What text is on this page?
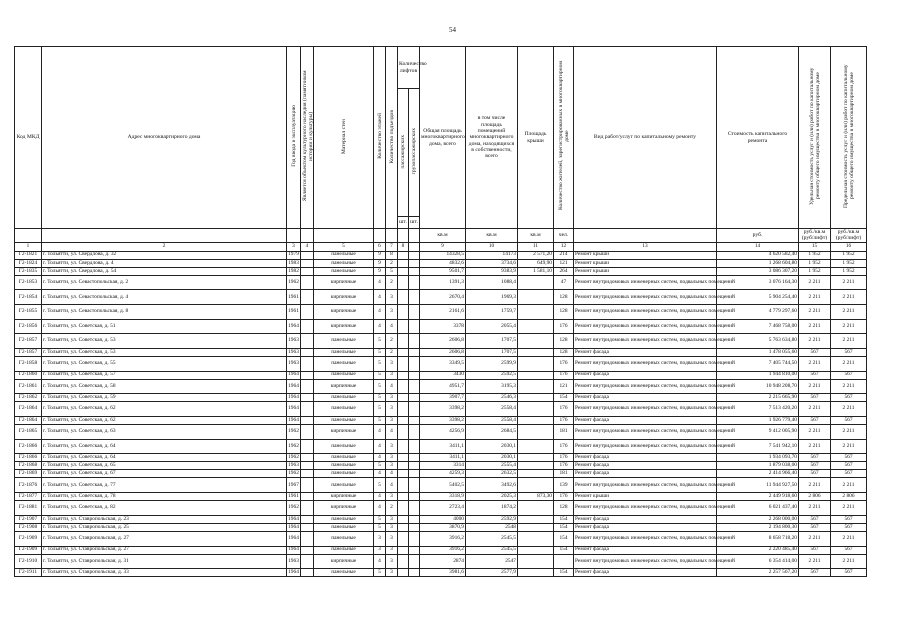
54
Код МКД	Адрес многоквартирного дома	Год ввода в эксплуатацию	Является объектом культурного наследия (памятником истории и культуры)	Материал стен	Количество этажей	Количество подъездов	Количество лифтов		Общая площадь многоквартирного дома, всего	в том числе площадь помещений многоквартирного дома, находящихся в собственности, всего	Площадь крыши	Количество жителей, зарегистрированных в многоквартирном доме	Вид работ/услуг по капитальному ремонту	Стоимость капитального ремонта	Удельная стоимость услуг и (или) работ по капитальному ремонту общего имущества в многоквартирном доме	Предельная стоимость услуг и (или) работ по капитальному ремонту общего имущества в многоквартирном доме
							пассажирских	грузопассажирских								
							шт.	шт.								
									кв.м	кв.м	кв.м	чел.		руб.	руб./кв.м (руб/лифт)	руб./кв.м (руб/лифт)
1	2	3	4	5	6	7	8		9	10	11	12	13	14	15	16
Г2-1821	г. Тольятти, ул. Свердлова, д. 32	1979		панельные	9	8			14328,5	14173	2 571,20	214	Ремонт крыши	4 620 582,40	1 952	1 952
Г2-1824	г. Тольятти, ул. Свердлова, д. 4	1983		панельные	9	2			4832,6	3734,6	649,90	121	Ремонт крыши	1 268 604,80	1 952	1 952
Г2-1835	г. Тольятти, ул. Свердлова, д. 54	1982		панельные	9	5			9501,7	9383,9	1 581,10	264	Ремонт крыши	3 086 307,20	1 952	1 952
Г2-1853	г. Тольятти, ул. Севастопольская, д. 2	1962		кирпичные	4	2			1391,3	1088,4		47	Ремонт внутридомовых инженерных систем, подвальных помещений	3 076 164,30	2 211	2 211
Г2-1854	г. Тольятти, ул. Севастопольская, д. 4	1961		кирпичные	4	3			2670,4	1969,3		128	Ремонт внутридомовых инженерных систем, подвальных помещений	5 904 254,40	2 211	2 211
Г2-1855	г. Тольятти, ул. Севастопольская, д. 8	1961		кирпичные	4	3			2161,6	1759,7		128	Ремонт внутридомовых инженерных систем, подвальных помещений	4 779 297,60	2 211	2 211
Г2-1856	г. Тольятти, ул. Советская, д. 51	1964		кирпичные	4	4			3378	2055,4		176	Ремонт внутридомовых инженерных систем, подвальных помещений	7 468 758,00	2 211	2 211
Г2-1857	г. Тольятти, ул. Советская, д. 53	1963		панельные	5	2			2606,8	1707,5		128	Ремонт внутридомовых инженерных систем, подвальных помещений	5 763 634,80	2 211	2 211
Г2-1857	г. Тольятти, ул. Советская, д. 53	1963		панельные	5	2			2606,8	1707,5		128	Ремонт фасада	1 478 055,60	567	567
Г2-1858	г. Тольятти, ул. Советская, д. 55	1963		панельные	5	3			3349,5	2599,9		176	Ремонт внутридомовых инженерных систем, подвальных помещений	7 405 744,50	2 211	2 211
Г2-1860	г. Тольятти, ул. Советская, д. 57	1964		панельные	5	3			3430	2592,5		176	Ремонт фасада	1 944 810,00	567	567
Г2-1861	г. Тольятти, ул. Советская, д. 58	1964		кирпичные	5	4			4951,7	3195,3		121	Ремонт внутридомовых инженерных систем, подвальных помещений	10 948 208,70	2 211	2 211
Г2-1862	г. Тольятти, ул. Советская, д. 59	1964		панельные	5	3			3907,7	2546,3		154	Ремонт фасада	2 215 665,90	567	567
Г2-1864	г. Тольятти, ул. Советская, д. 62	1964		панельные	5	3			3398,2	2558,4		176	Ремонт внутридомовых инженерных систем, подвальных помещений	7 513 420,20	2 211	2 211
Г2-1864	г. Тольятти, ул. Советская, д. 62	1964		панельные	5	3			3398,2	2558,4		176	Ремонт фасада	1 926 779,40	567	567
Г2-1865	г. Тольятти, ул. Советская, д. 63	1962		кирпичные	4	4			4256,9	2684,5		181	Ремонт внутридомовых инженерных систем, подвальных помещений	9 412 005,90	2 211	2 211
Г2-1866	г. Тольятти, ул. Советская, д. 64	1962		панельные	4	3			3411,1	2030,1		176	Ремонт внутридомовых инженерных систем, подвальных помещений	7 541 942,10	2 211	2 211
Г2-1866	г. Тольятти, ул. Советская, д. 64	1962		панельные	4	3			3411,1	2030,1		176	Ремонт фасада	1 934 093,70	567	567
Г2-1868	г. Тольятти, ул. Советская, д. 65	1963		панельные	5	3			3314	2555,4		176	Ремонт фасада	1 879 038,00	567	567
Г2-1869	г. Тольятти, ул. Советская, д. 67	1962		панельные	4	4			4259,3	2632,5		181	Ремонт фасада	2 414 966,40	567	567
Г2-1876	г. Тольятти, ул. Советская, д. 77	1967		панельные	5	4			5402,5	3492,6		139	Ремонт внутридомовых инженерных систем, подвальных помещений	11 944 927,50	2 211	2 211
Г2-1877	г. Тольятти, ул. Советская, д. 78	1961		кирпичные	4	3			3318,9	2025,3	873,30	176	Ремонт крыши	2 449 918,60	2 806	2 806
Г2-1881	г. Тольятти, ул. Советская, д. 82	1962		кирпичные	4	2			2723,4	1874,2		128	Ремонт внутридомовых инженерных систем, подвальных помещений	6 021 437,40	2 211	2 211
Г2-1907	г. Тольятти, ул. Ставропольская, д. 23	1964		панельные	5	3			4000	2592,9		154	Ремонт фасада	2 268 000,00	567	567
Г2-1908	г. Тольятти, ул. Ставропольская, д. 25	1964		панельные	5	3			3870,9	2548		154	Ремонт фасада	2 194 800,30	567	567
Г2-1909	г. Тольятти, ул. Ставропольская, д. 27	1964		панельные	3	3			3916,2	2545,5		154	Ремонт внутридомовых инженерных систем, подвальных помещений	8 658 718,20	2 211	2 211
Г2-1909	г. Тольятти, ул. Ставропольская, д. 27	1964		панельные	3	3			3916,2	2545,5		154	Ремонт фасада	2 220 485,40	567	567
Г2-1910	г. Тольятти, ул. Ставропольская, д. 31	1963		кирпичные	4	3			2874	2547			Ремонт внутридомовых инженерных систем, подвальных помещений	6 354 414,00	2 211	2 211
Г2-1911	г. Тольятти, ул. Ставропольская, д. 33	1964		панельные	5	3			3981,6	2577,9		154	Ремонт фасада	2 257 567,20	567	567
